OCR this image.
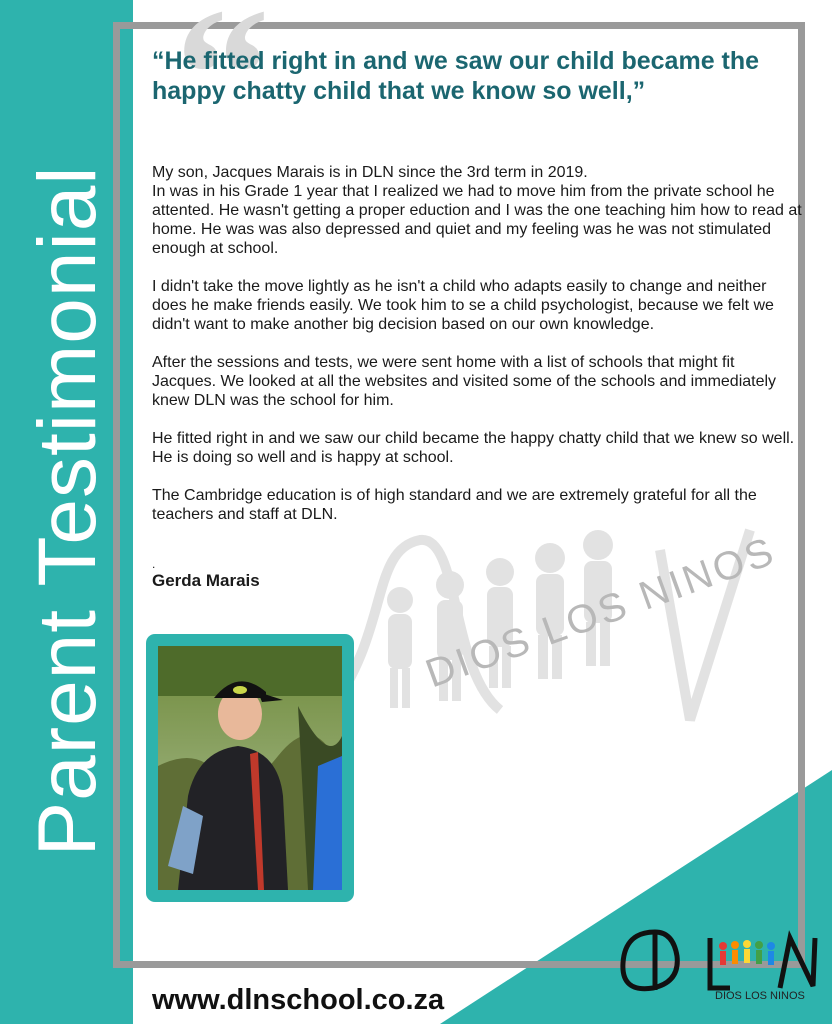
Parent Testimonial
“
DIOS LOS NINOS
“He fitted right in and we saw our child became the happy chatty child that we know so well,”

My son, Jacques Marais is in DLN since the 3rd term in 2019.
In was in his Grade 1 year that I realized we had to move him from the private school he attented. He wasn't getting a proper eduction and I was the one teaching him how to read at home. He was was also depressed and quiet and my feeling was he was not stimulated enough at school.

I didn't take the move lightly as he isn't a child who adapts easily to change and neither does he make friends easily. We took him to se a child psychologist, because we felt we didn't want to make another big decision based on our own knowledge.

After the sessions and tests, we were sent home with a list of schools that might fit Jacques. We looked at all the websites and visited some of the schools and immediately knew DLN was the school for him.

He fitted right in and we saw our child became the happy chatty child that we knew so well. He is doing so well and is happy at school.

The Cambridge education is of high standard and we are extremely grateful for all the teachers and staff at DLN.

.
Gerda Marais
www.dlnschool.co.za	DIOS LOS NINOS
